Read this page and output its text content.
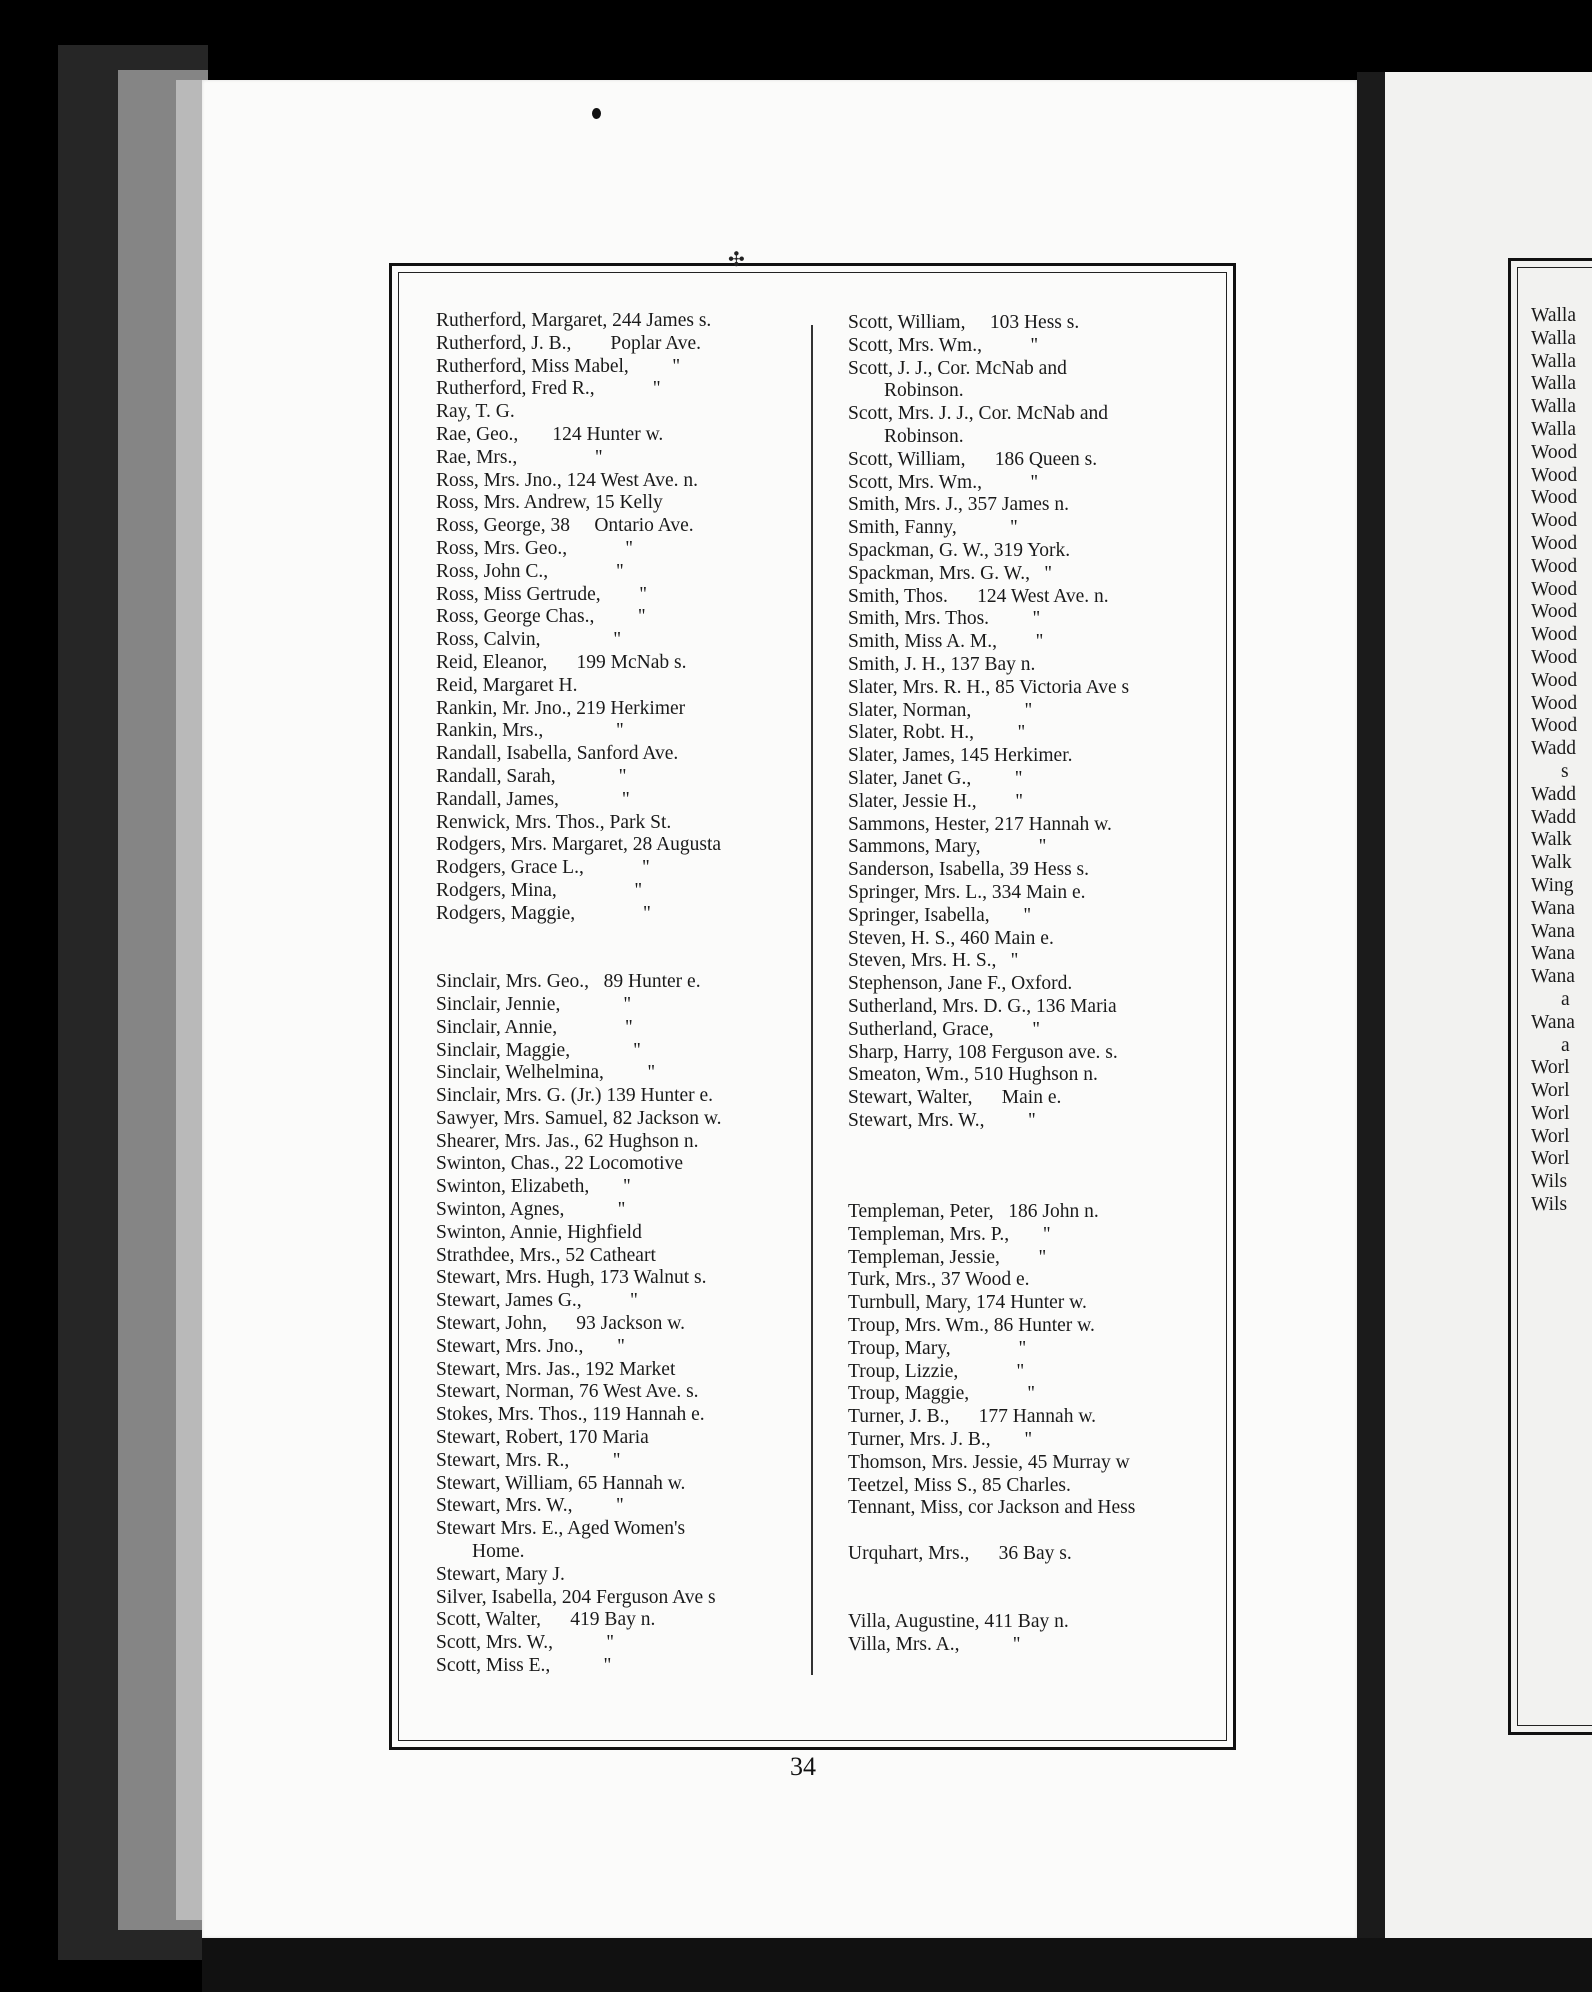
✣
Rutherford, Margaret, 244 James s.
Rutherford, J. B.,        Poplar Ave.
Rutherford, Miss Mabel,         ''
Rutherford, Fred R.,            ''
Ray, T. G.
Rae, Geo.,       124 Hunter w.
Rae, Mrs.,                ''
Ross, Mrs. Jno., 124 West Ave. n.
Ross, Mrs. Andrew, 15 Kelly
Ross, George, 38     Ontario Ave.
Ross, Mrs. Geo.,            ''
Ross, John C.,              ''
Ross, Miss Gertrude,        ''
Ross, George Chas.,         ''
Ross, Calvin,               ''
Reid, Eleanor,      199 McNab s.
Reid, Margaret H.
Rankin, Mr. Jno., 219 Herkimer
Rankin, Mrs.,               ''
Randall, Isabella, Sanford Ave.
Randall, Sarah,             ''
Randall, James,             ''
Renwick, Mrs. Thos., Park St.
Rodgers, Mrs. Margaret, 28 Augusta
Rodgers, Grace L.,            ''
Rodgers, Mina,                ''
Rodgers, Maggie,              ''
Sinclair, Mrs. Geo.,   89 Hunter e.
Sinclair, Jennie,             ''
Sinclair, Annie,              ''
Sinclair, Maggie,             ''
Sinclair, Welhelmina,         ''
Sinclair, Mrs. G. (Jr.) 139 Hunter e.
Sawyer, Mrs. Samuel, 82 Jackson w.
Shearer, Mrs. Jas., 62 Hughson n.
Swinton, Chas., 22 Locomotive
Swinton, Elizabeth,       ''
Swinton, Agnes,           ''
Swinton, Annie, Highfield
Strathdee, Mrs., 52 Catheart
Stewart, Mrs. Hugh, 173 Walnut s.
Stewart, James G.,          ''
Stewart, John,      93 Jackson w.
Stewart, Mrs. Jno.,       ''
Stewart, Mrs. Jas., 192 Market
Stewart, Norman, 76 West Ave. s.
Stokes, Mrs. Thos., 119 Hannah e.
Stewart, Robert, 170 Maria
Stewart, Mrs. R.,         ''
Stewart, William, 65 Hannah w.
Stewart, Mrs. W.,         ''
Stewart Mrs. E., Aged Women's
Home.
Stewart, Mary J.
Silver, Isabella, 204 Ferguson Ave s
Scott, Walter,      419 Bay n.
Scott, Mrs. W.,           ''
Scott, Miss E.,           ''
Scott, William,     103 Hess s.
Scott, Mrs. Wm.,          ''
Scott, J. J., Cor. McNab and
Robinson.
Scott, Mrs. J. J., Cor. McNab and
Robinson.
Scott, William,      186 Queen s.
Scott, Mrs. Wm.,          ''
Smith, Mrs. J., 357 James n.
Smith, Fanny,           ''
Spackman, G. W., 319 York.
Spackman, Mrs. G. W.,   ''
Smith, Thos.      124 West Ave. n.
Smith, Mrs. Thos.         ''
Smith, Miss A. M.,        ''
Smith, J. H., 137 Bay n.
Slater, Mrs. R. H., 85 Victoria Ave s
Slater, Norman,           ''
Slater, Robt. H.,         ''
Slater, James, 145 Herkimer.
Slater, Janet G.,         ''
Slater, Jessie H.,        ''
Sammons, Hester, 217 Hannah w.
Sammons, Mary,            ''
Sanderson, Isabella, 39 Hess s.
Springer, Mrs. L., 334 Main e.
Springer, Isabella,       ''
Steven, H. S., 460 Main e.
Steven, Mrs. H. S.,   ''
Stephenson, Jane F., Oxford.
Sutherland, Mrs. D. G., 136 Maria
Sutherland, Grace,        ''
Sharp, Harry, 108 Ferguson ave. s.
Smeaton, Wm., 510 Hughson n.
Stewart, Walter,      Main e.
Stewart, Mrs. W.,         ''
Templeman, Peter,   186 John n.
Templeman, Mrs. P.,       ''
Templeman, Jessie,        ''
Turk, Mrs., 37 Wood e.
Turnbull, Mary, 174 Hunter w.
Troup, Mrs. Wm., 86 Hunter w.
Troup, Mary,              ''
Troup, Lizzie,            ''
Troup, Maggie,            ''
Turner, J. B.,      177 Hannah w.
Turner, Mrs. J. B.,       ''
Thomson, Mrs. Jessie, 45 Murray w
Teetzel, Miss S., 85 Charles.
Tennant, Miss, cor Jackson and Hess
Urquhart, Mrs.,      36 Bay s.
Villa, Augustine, 411 Bay n.
Villa, Mrs. A.,           ''
34
Walla
Walla
Walla
Walla
Walla
Walla
Wood
Wood
Wood
Wood
Wood
Wood
Wood
Wood
Wood
Wood
Wood
Wood
Wood
Wadd
s
Wadd
Wadd
Walk
Walk
Wing
Wana
Wana
Wana
Wana
a
Wana
a
Worl
Worl
Worl
Worl
Worl
Wils
Wils
